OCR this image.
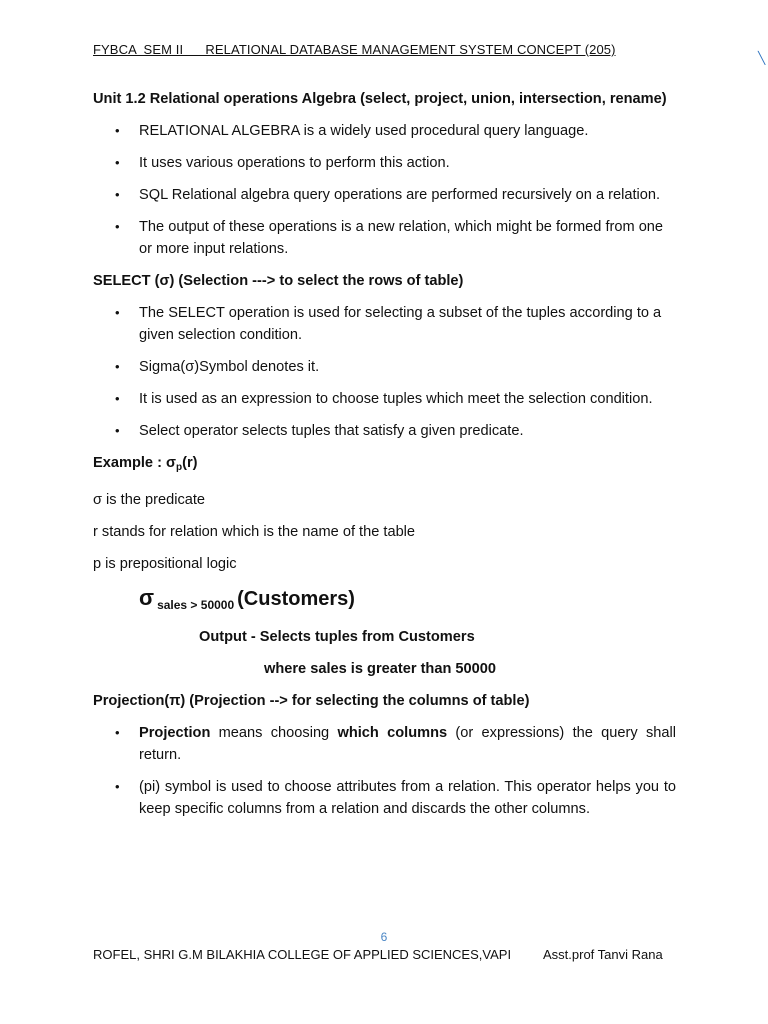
FYBCA  SEM II      RELATIONAL DATABASE MANAGEMENT SYSTEM CONCEPT (205)
╲
Unit 1.2 Relational operations Algebra (select, project, union, intersection, rename)
• RELATIONAL ALGEBRA is a widely used procedural query language.
• It uses various operations to perform this action.
• SQL Relational algebra query operations are performed recursively on a relation.
• The output of these operations is a new relation, which might be formed from one or more input relations.
SELECT (σ) (Selection ---> to select the rows of table)
• The SELECT operation is used for selecting a subset of the tuples according to a given selection condition.
• Sigma(σ)Symbol denotes it.
• It is used as an expression to choose tuples which meet the selection condition.
• Select operator selects tuples that satisfy a given predicate.
Example : $\sigma_p(r)$
σ is the predicate
r stands for relation which is the name of the table
p is prepositional logic
σ $_{sales > 50000}$ (Customers)
Output - Selects tuples from Customers
where sales is greater than 50000
Projection(π) (Projection --> for selecting the columns of table)
• Projection means choosing which columns (or expressions) the query shall return.
• (pi) symbol is used to choose attributes from a relation. This operator helps you to keep specific columns from a relation and discards the other columns.
6
ROFEL, SHRI G.M BILAKHIA COLLEGE OF APPLIED SCIENCES,VAPI Asst.prof Tanvi Rana
